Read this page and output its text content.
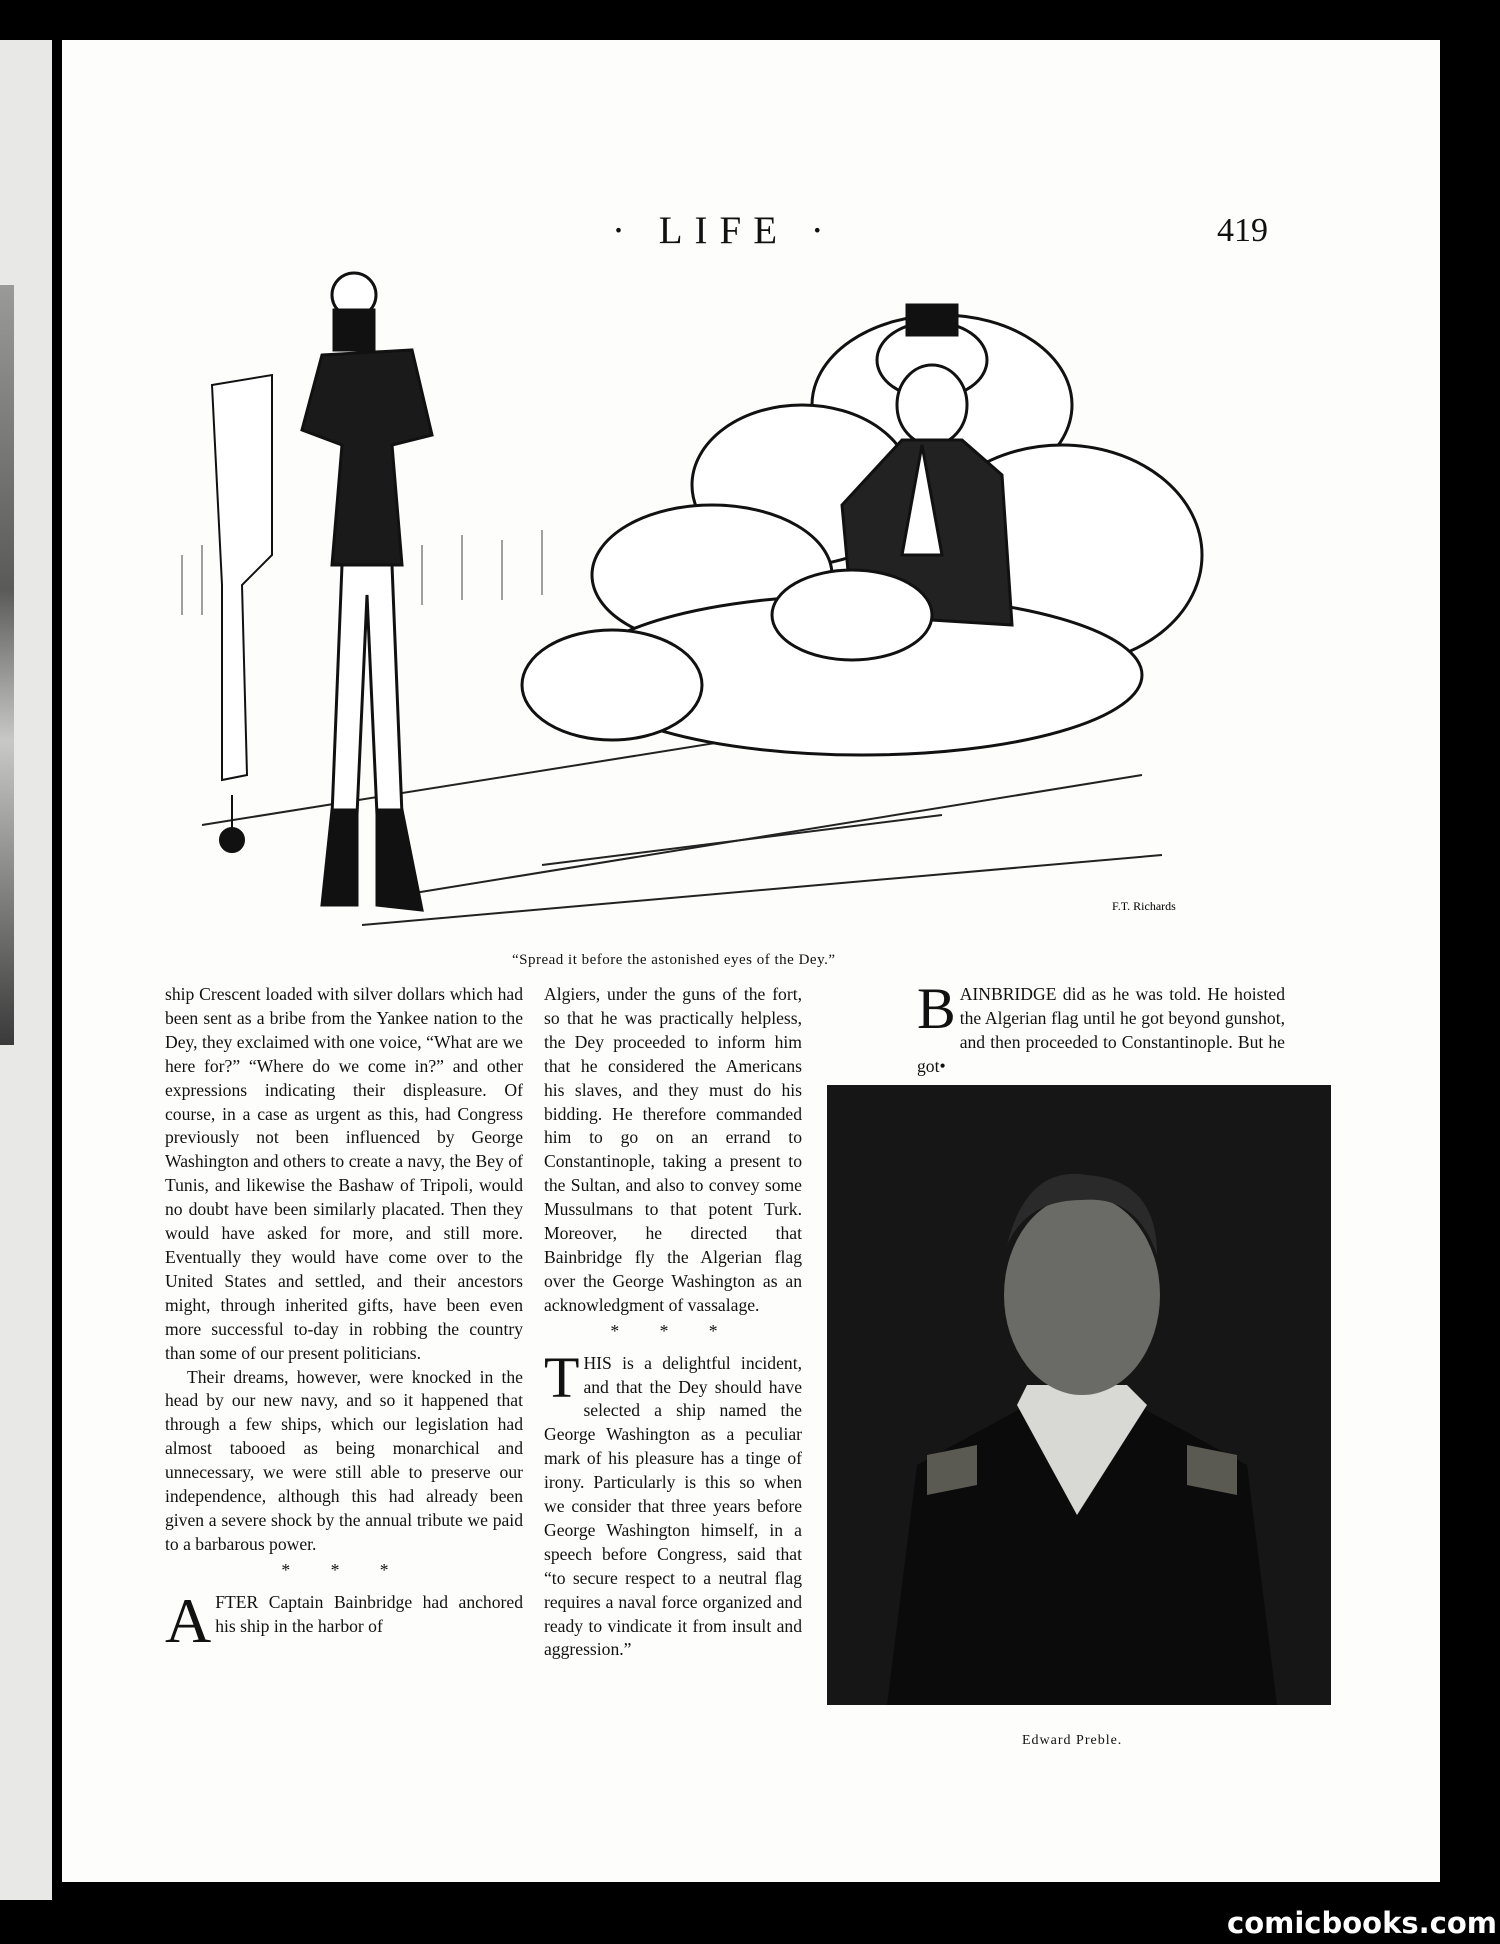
· LIFE ·	419
F.T. Richards
“Spread it before the astonished eyes of the Dey.”

ship Crescent loaded with silver dollars which had been sent as a bribe from the Yankee nation to the Dey, they exclaimed with one voice, “What are we here for?” “Where do we come in?” and other expressions indicating their displeasure. Of course, in a case as urgent as this, had Congress previously not been influenced by George Washington and others to create a navy, the Bey of Tunis, and likewise the Bashaw of Tripoli, would no doubt have been similarly placated. Then they would have asked for more, and still more. Eventually they would have come over to the United States and settled, and their ancestors might, through inherited gifts, have been even more successful to-day in robbing the country than some of our present politicians.

Their dreams, however, were knocked in the head by our new navy, and so it happened that through a few ships, which our legislation had almost tabooed as being monarchical and unnecessary, we were still able to preserve our independence, although this had already been given a severe shock by the annual tribute we paid to a barbarous power.

* * *

AFTER Captain Bainbridge had anchored his ship in the harbor of

Algiers, under the guns of the fort, so that he was practically helpless, the Dey proceeded to inform him that he considered the Americans his slaves, and they must do his bidding. He therefore commanded him to go on an errand to Constantinople, taking a present to the Sultan, and also to convey some Mussulmans to that potent Turk. Moreover, he directed that Bainbridge fly the Algerian flag over the George Washington as an acknowledgment of vassalage.

* * *

THIS is a delightful incident, and that the Dey should have selected a ship named the George Washington as a peculiar mark of his pleasure has a tinge of irony. Particularly is this so when we consider that three years before George Washington himself, in a speech before Congress, said that “to secure respect to a neutral flag requires a naval force organized and ready to vindicate it from insult and aggression.”

BAINBRIDGE did as he was told. He hoisted the Algerian flag until he got beyond gunshot, and then proceeded to Constantinople. But he got•

Edward Preble.
comicbooks.com
